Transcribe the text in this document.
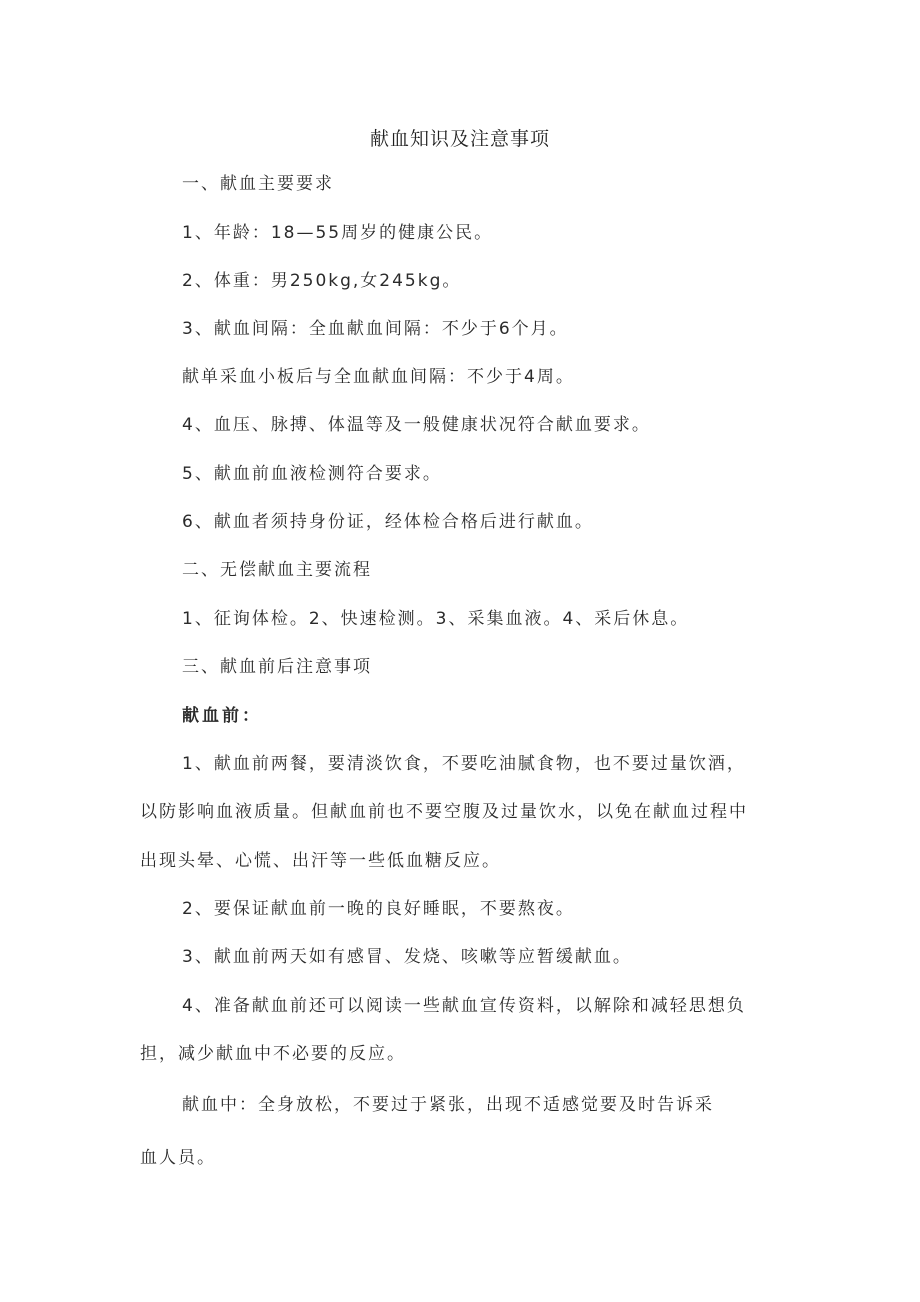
献血知识及注意事项
一、献血主要要求
1、年龄：18—55周岁的健康公民。
2、体重：男250kg,女245kg。
3、献血间隔：全血献血间隔：不少于6个月。
献单采血小板后与全血献血间隔：不少于4周。
4、血压、脉搏、体温等及一般健康状况符合献血要求。
5、献血前血液检测符合要求。
6、献血者须持身份证，经体检合格后进行献血。
二、无偿献血主要流程
1、征询体检。2、快速检测。3、采集血液。4、采后休息。
三、献血前后注意事项
献血前：
1、献血前两餐，要清淡饮食，不要吃油腻食物，也不要过量饮酒，
以防影响血液质量。但献血前也不要空腹及过量饮水，以免在献血过程中
出现头晕、心慌、出汗等一些低血糖反应。
2、要保证献血前一晚的良好睡眠，不要熬夜。
3、献血前两天如有感冒、发烧、咳嗽等应暂缓献血。
4、准备献血前还可以阅读一些献血宣传资料，以解除和减轻思想负
担，减少献血中不必要的反应。
献血中：全身放松，不要过于紧张，出现不适感觉要及时告诉采
血人员。
